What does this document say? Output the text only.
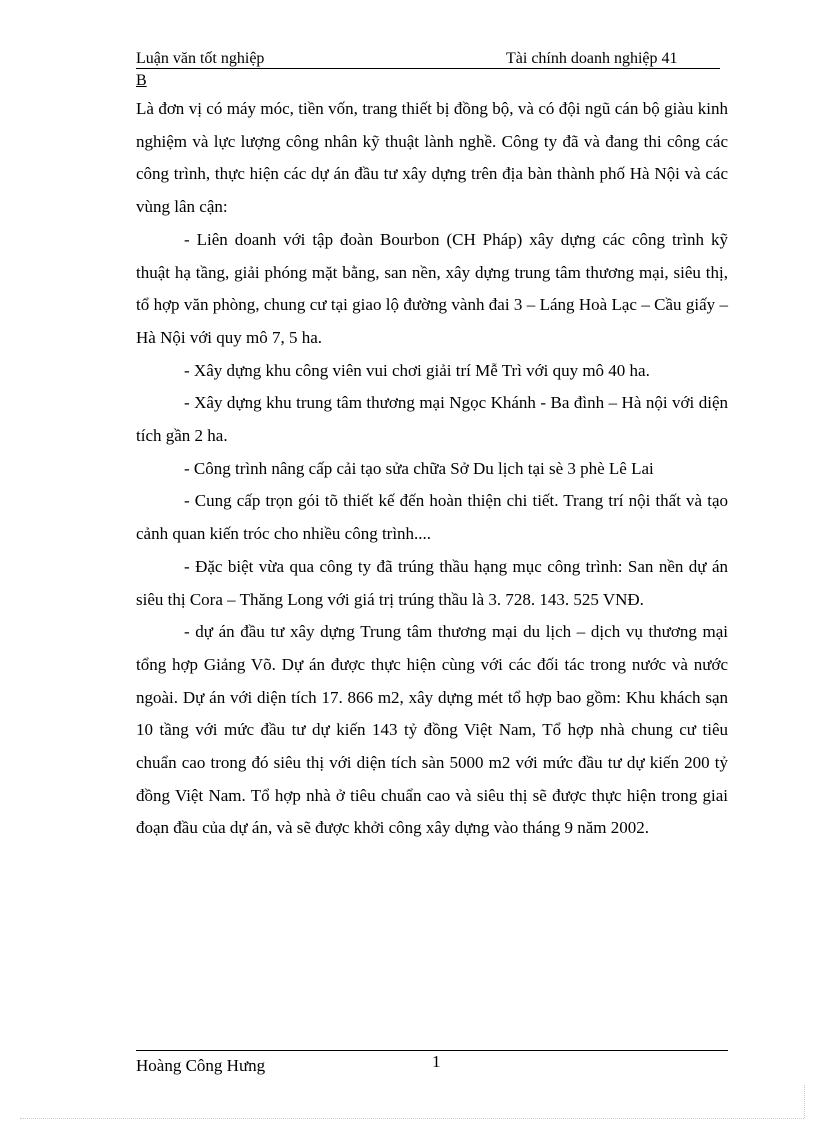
Luận văn tốt nghiệp	Tài chính doanh nghiệp 41
B

Là đơn vị có máy móc, tiền vốn, trang thiết bị đồng bộ, và có đội ngũ cán bộ giàu kinh nghiệm và lực lượng công nhân kỹ thuật lành nghề. Công ty đã và đang thi công các công trình, thực hiện các dự án đầu tư xây dựng trên địa bàn thành phố Hà Nội và các vùng lân cận:

- Liên doanh với tập đoàn Bourbon (CH Pháp) xây dựng các công trình kỹ thuật hạ tầng, giải phóng mặt bằng, san nền, xây dựng trung tâm thương mại, siêu thị, tổ hợp văn phòng, chung cư tại giao lộ đường vành đai 3 – Láng Hoà Lạc – Cầu giấy – Hà Nội với quy mô 7, 5 ha.

- Xây dựng khu công viên vui chơi giải trí Mễ Trì với quy mô 40 ha.

- Xây dựng khu trung tâm thương mại Ngọc Khánh - Ba đình – Hà nội với diện tích gần 2 ha.

- Công trình nâng cấp cải tạo sửa chữa Sở Du lịch tại sè 3 phè Lê Lai

- Cung cấp trọn gói tõ thiết kế đến hoàn thiện chi tiết. Trang trí nội thất và tạo cảnh quan kiến tróc cho nhiều công trình....

- Đặc biệt vừa qua công ty đã trúng thầu hạng mục công trình: San nền dự án siêu thị Cora – Thăng Long với giá trị trúng thầu là 3. 728. 143. 525 VNĐ.

- dự án đầu tư xây dựng Trung tâm thương mại du lịch – dịch vụ thương mại tổng hợp Giảng Võ. Dự án được thực hiện cùng với các đối tác trong nước và nước ngoài. Dự án với diện tích 17. 866 m2, xây dựng mét tổ hợp bao gồm: Khu khách sạn 10 tầng với mức đầu tư dự kiến 143 tỷ đồng Việt Nam, Tổ hợp nhà chung cư tiêu chuẩn cao trong đó siêu thị với diện tích sàn 5000 m2 với mức đầu tư dự kiến 200 tỷ đồng Việt Nam. Tổ hợp nhà ở tiêu chuẩn cao và siêu thị sẽ được thực hiện trong giai đoạn đầu của dự án, và sẽ được khởi công xây dựng vào tháng 9 năm 2002.

Hoàng Công Hưng	1
